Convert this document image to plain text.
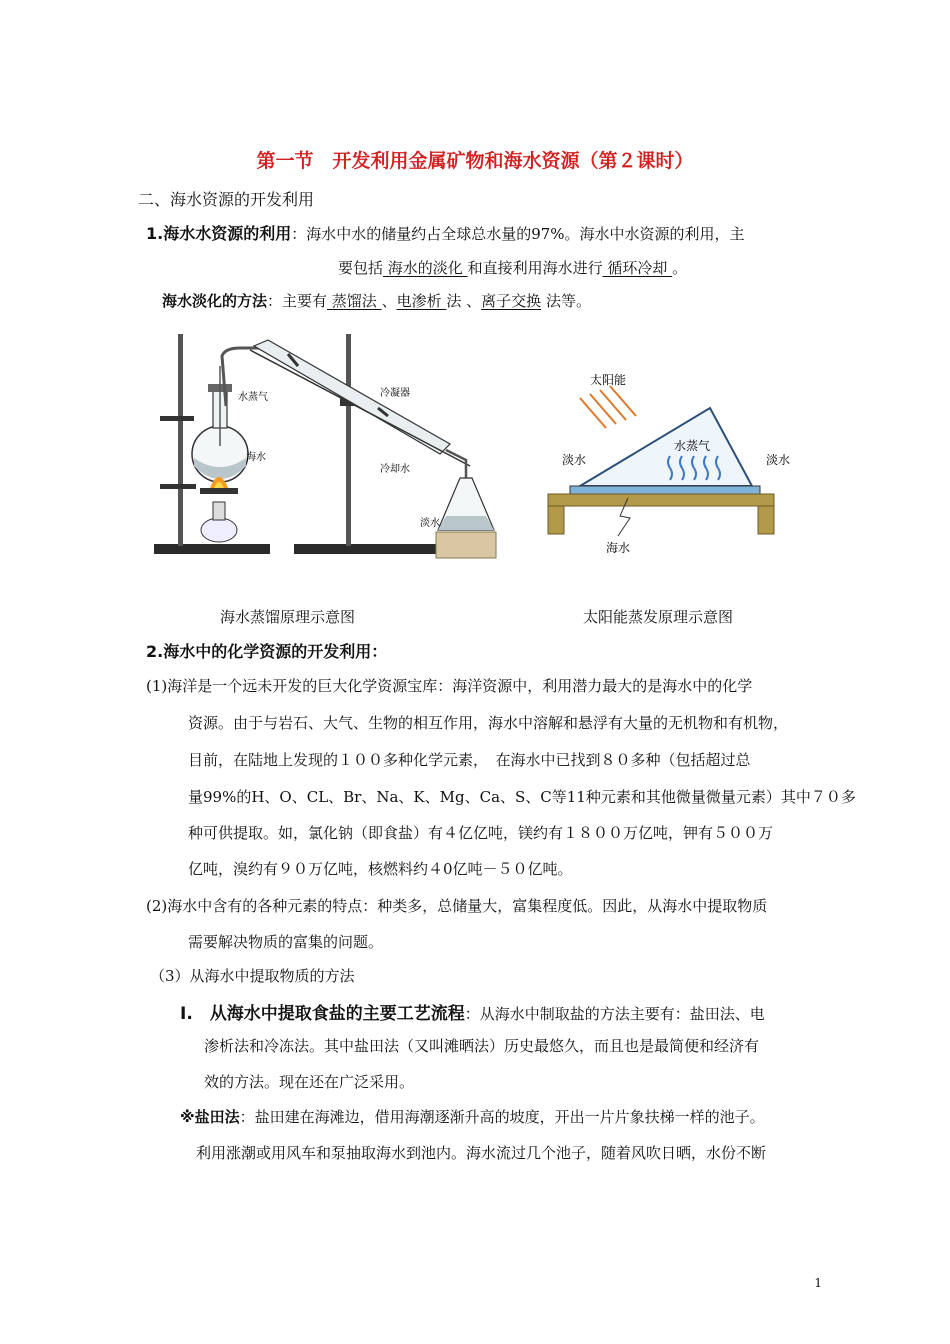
第一节　开发利用金属矿物和海水资源（第２课时）
二、海水资源的开发利用
1.海水水资源的利用：海水中水的储量约占全球总水量的97%。海水中水资源的利用，主
要包括 海水的淡化 和直接利用海水进行 循环冷却 。
海水淡化的方法：主要有 蒸馏法 、电渗析 法 、离子交换 法等。
水蒸气	冷凝器
海水
冷却水
淡水
太阳能
水蒸气
淡水	淡水
海水
海水蒸馏原理示意图	太阳能蒸发原理示意图
2.海水中的化学资源的开发利用：
(1)海洋是一个远未开发的巨大化学资源宝库：海洋资源中，利用潜力最大的是海水中的化学
资源。由于与岩石、大气、生物的相互作用，海水中溶解和悬浮有大量的无机物和有机物，
目前，在陆地上发现的１００多种化学元素，　在海水中已找到８０多种（包括超过总
量99%的H、O、CL、Br、Na、K、Mg、Ca、S、C等11种元素和其他微量微量元素）其中７０多
种可供提取。如，氯化钠（即食盐）有４亿亿吨，镁约有１８００万亿吨，钾有５００万
亿吨，溴约有９０万亿吨，核燃料约４0亿吨－５０亿吨。
(2)海水中含有的各种元素的特点：种类多，总储量大，富集程度低。因此，从海水中提取物质
需要解决物质的富集的问题。
（3）从海水中提取物质的方法
I.　从海水中提取食盐的主要工艺流程：从海水中制取盐的方法主要有：盐田法、电
渗析法和冷冻法。其中盐田法（又叫滩晒法）历史最悠久，而且也是最简便和经济有
效的方法。现在还在广泛采用。
※盐田法：盐田建在海滩边，借用海潮逐渐升高的坡度，开出一片片象扶梯一样的池子。
利用涨潮或用风车和泵抽取海水到池内。海水流过几个池子，随着风吹日晒，水份不断
1
